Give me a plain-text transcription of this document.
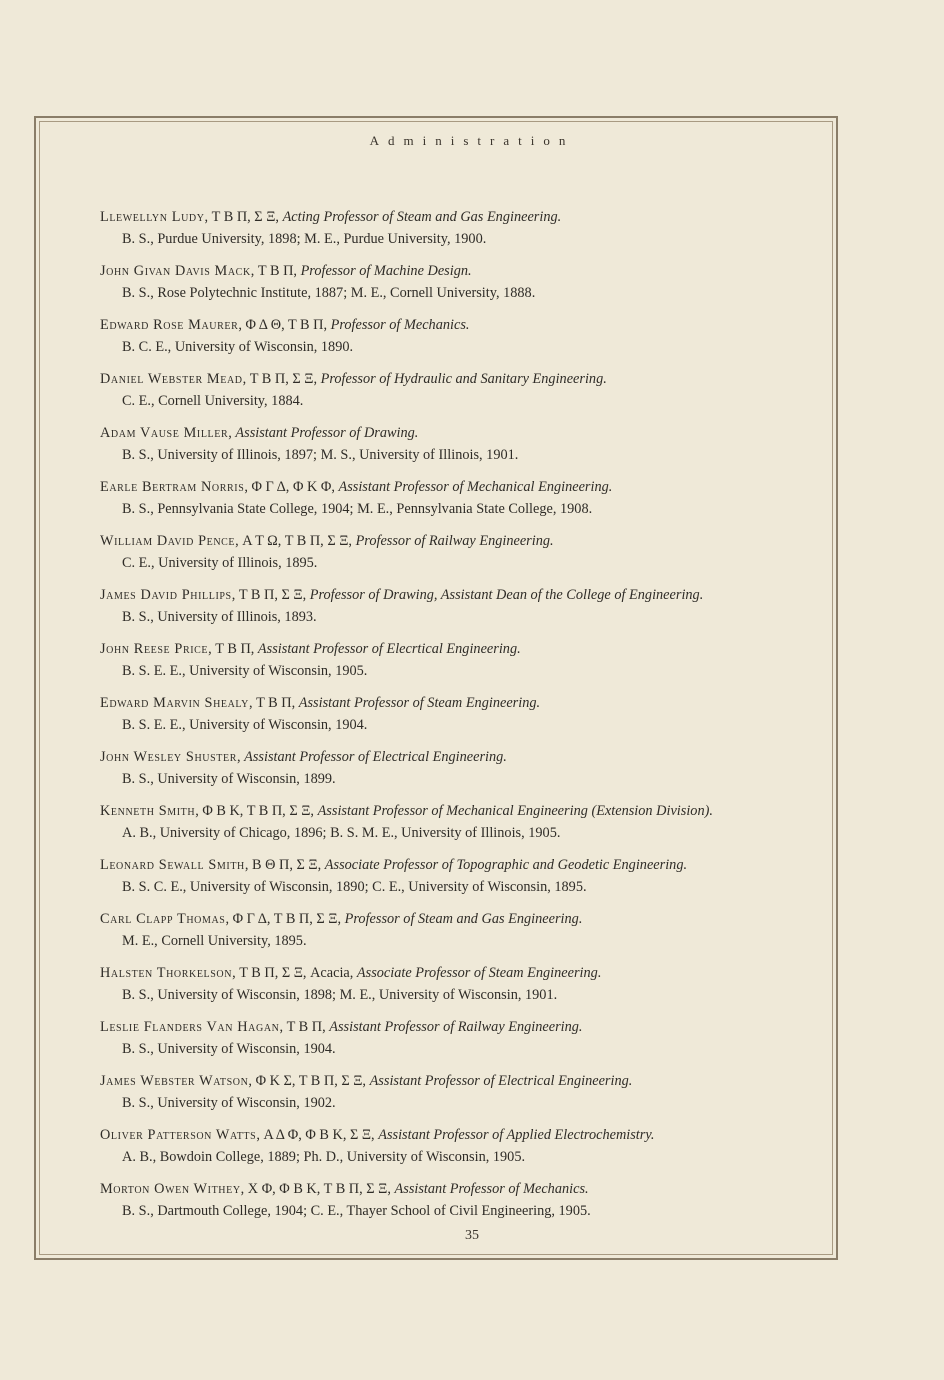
Administration
Llewellyn Ludy, Τ Β Π, Σ Ξ, Acting Professor of Steam and Gas Engineering.
B. S., Purdue University, 1898; M. E., Purdue University, 1900.
John Givan Davis Mack, Τ Β Π, Professor of Machine Design.
B. S., Rose Polytechnic Institute, 1887; M. E., Cornell University, 1888.
Edward Rose Maurer, Φ Δ Θ, Τ Β Π, Professor of Mechanics.
B. C. E., University of Wisconsin, 1890.
Daniel Webster Mead, Τ Β Π, Σ Ξ, Professor of Hydraulic and Sanitary Engineering.
C. E., Cornell University, 1884.
Adam Vause Miller, Assistant Professor of Drawing.
B. S., University of Illinois, 1897; M. S., University of Illinois, 1901.
Earle Bertram Norris, Φ Γ Δ, Φ Κ Φ, Assistant Professor of Mechanical Engineering.
B. S., Pennsylvania State College, 1904; M. E., Pennsylvania State College, 1908.
William David Pence, Α Τ Ω, Τ Β Π, Σ Ξ, Professor of Railway Engineering.
C. E., University of Illinois, 1895.
James David Phillips, Τ Β Π, Σ Ξ, Professor of Drawing, Assistant Dean of the College of Engineering.
B. S., University of Illinois, 1893.
John Reese Price, Τ Β Π, Assistant Professor of Elecrtical Engineering.
B. S. E. E., University of Wisconsin, 1905.
Edward Marvin Shealy, Τ Β Π, Assistant Professor of Steam Engineering.
B. S. E. E., University of Wisconsin, 1904.
John Wesley Shuster, Assistant Professor of Electrical Engineering.
B. S., University of Wisconsin, 1899.
Kenneth Smith, Φ Β Κ, Τ Β Π, Σ Ξ, Assistant Professor of Mechanical Engineering (Extension Division).
A. B., University of Chicago, 1896; B. S. M. E., University of Illinois, 1905.
Leonard Sewall Smith, Β Θ Π, Σ Ξ, Associate Professor of Topographic and Geodetic Engineering.
B. S. C. E., University of Wisconsin, 1890; C. E., University of Wisconsin, 1895.
Carl Clapp Thomas, Φ Γ Δ, Τ Β Π, Σ Ξ, Professor of Steam and Gas Engineering.
M. E., Cornell University, 1895.
Halsten Thorkelson, Τ Β Π, Σ Ξ, Acacia, Associate Professor of Steam Engineering.
B. S., University of Wisconsin, 1898; M. E., University of Wisconsin, 1901.
Leslie Flanders Van Hagan, Τ Β Π, Assistant Professor of Railway Engineering.
B. S., University of Wisconsin, 1904.
James Webster Watson, Φ Κ Σ, Τ Β Π, Σ Ξ, Assistant Professor of Electrical Engineering.
B. S., University of Wisconsin, 1902.
Oliver Patterson Watts, Α Δ Φ, Φ Β Κ, Σ Ξ, Assistant Professor of Applied Electrochemistry.
A. B., Bowdoin College, 1889; Ph. D., University of Wisconsin, 1905.
Morton Owen Withey, Χ Φ, Φ Β Κ, Τ Β Π, Σ Ξ, Assistant Professor of Mechanics.
B. S., Dartmouth College, 1904; C. E., Thayer School of Civil Engineering, 1905.
35
